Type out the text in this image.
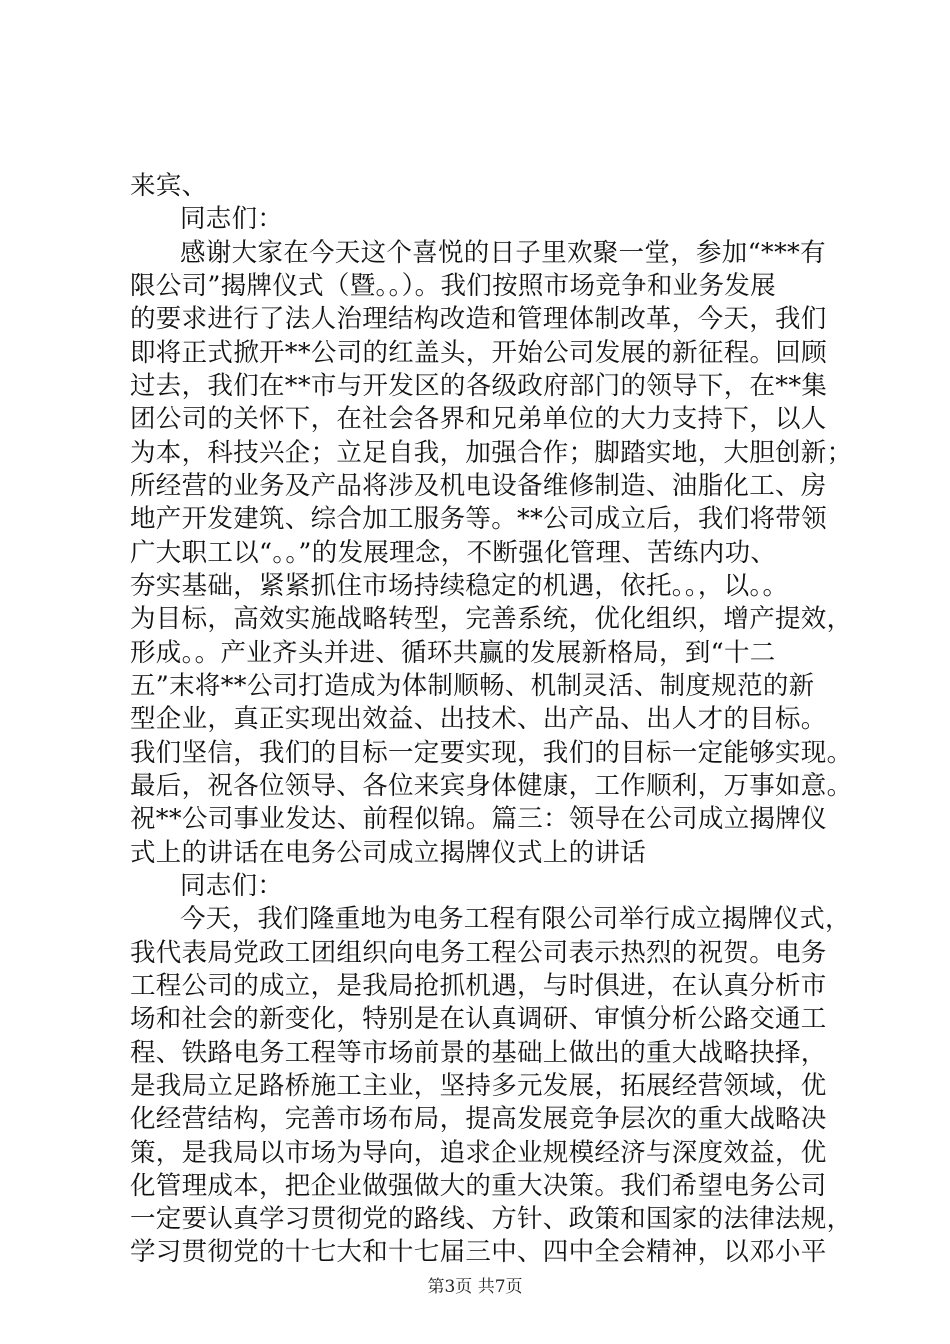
来宾、
同志们：
感谢大家在今天这个喜悦的日子里欢聚一堂，参加“***有
限公司”揭牌仪式（暨。。）。我们按照市场竞争和业务发展
的要求进行了法人治理结构改造和管理体制改革，今天，我们
即将正式掀开**公司的红盖头，开始公司发展的新征程。回顾
过去，我们在**市与开发区的各级政府部门的领导下，在**集
团公司的关怀下，在社会各界和兄弟单位的大力支持下，以人
为本，科技兴企；立足自我，加强合作；脚踏实地，大胆创新；
所经营的业务及产品将涉及机电设备维修制造、油脂化工、房
地产开发建筑、综合加工服务等。**公司成立后，我们将带领
广大职工以“。。”的发展理念，不断强化管理、苦练内功、
夯实基础，紧紧抓住市场持续稳定的机遇，依托。。，以。。
为目标，高效实施战略转型，完善系统，优化组织，增产提效，
形成。。产业齐头并进、循环共赢的发展新格局，到“十二
五”末将**公司打造成为体制顺畅、机制灵活、制度规范的新
型企业，真正实现出效益、出技术、出产品、出人才的目标。
我们坚信，我们的目标一定要实现，我们的目标一定能够实现。
最后，祝各位领导、各位来宾身体健康，工作顺利，万事如意。
祝**公司事业发达、前程似锦。篇三：领导在公司成立揭牌仪
式上的讲话在电务公司成立揭牌仪式上的讲话
同志们：
今天，我们隆重地为电务工程有限公司举行成立揭牌仪式，
我代表局党政工团组织向电务工程公司表示热烈的祝贺。电务
工程公司的成立，是我局抢抓机遇，与时俱进，在认真分析市
场和社会的新变化，特别是在认真调研、审慎分析公路交通工
程、铁路电务工程等市场前景的基础上做出的重大战略抉择，
是我局立足路桥施工主业，坚持多元发展，拓展经营领域，优
化经营结构，完善市场布局，提高发展竞争层次的重大战略决
策，是我局以市场为导向，追求企业规模经济与深度效益，优
化管理成本，把企业做强做大的重大决策。我们希望电务公司
一定要认真学习贯彻党的路线、方针、政策和国家的法律法规，
学习贯彻党的十七大和十七届三中、四中全会精神，以邓小平
第3页 共7页
